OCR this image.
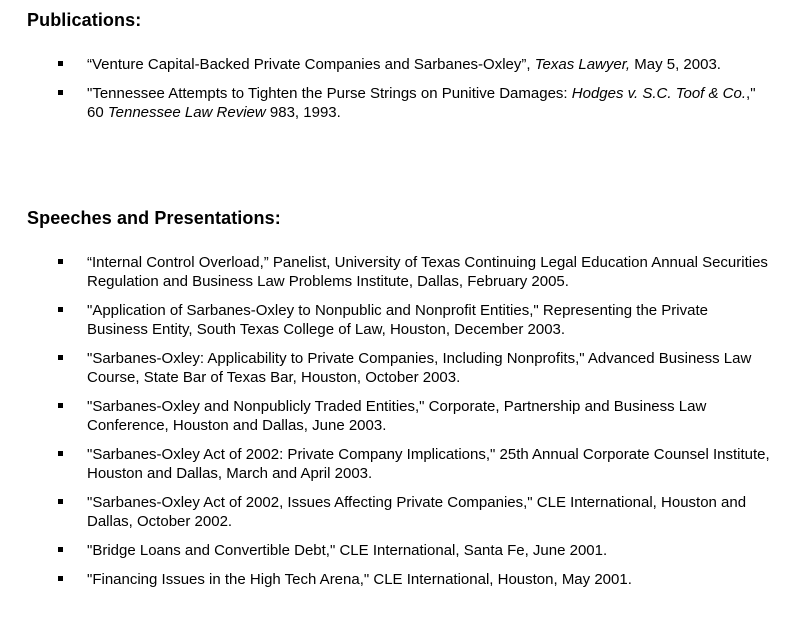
Publications:
“Venture Capital-Backed Private Companies and Sarbanes-Oxley”, Texas Lawyer, May 5, 2003.
"Tennessee Attempts to Tighten the Purse Strings on Punitive Damages: Hodges v. S.C. Toof & Co.," 60 Tennessee Law Review 983, 1993.
Speeches and Presentations:
“Internal Control Overload,” Panelist, University of Texas Continuing Legal Education Annual Securities Regulation and Business Law Problems Institute, Dallas, February 2005.
"Application of Sarbanes-Oxley to Nonpublic and Nonprofit Entities," Representing the Private Business Entity, South Texas College of Law, Houston, December 2003.
"Sarbanes-Oxley: Applicability to Private Companies, Including Nonprofits," Advanced Business Law Course, State Bar of Texas Bar, Houston, October 2003.
"Sarbanes-Oxley and Nonpublicly Traded Entities," Corporate, Partnership and Business Law Conference, Houston and Dallas, June 2003.
"Sarbanes-Oxley Act of 2002: Private Company Implications," 25th Annual Corporate Counsel Institute, Houston and Dallas, March and April 2003.
"Sarbanes-Oxley Act of 2002, Issues Affecting Private Companies," CLE International, Houston and Dallas, October 2002.
"Bridge Loans and Convertible Debt," CLE International, Santa Fe, June 2001.
"Financing Issues in the High Tech Arena," CLE International, Houston, May 2001.
